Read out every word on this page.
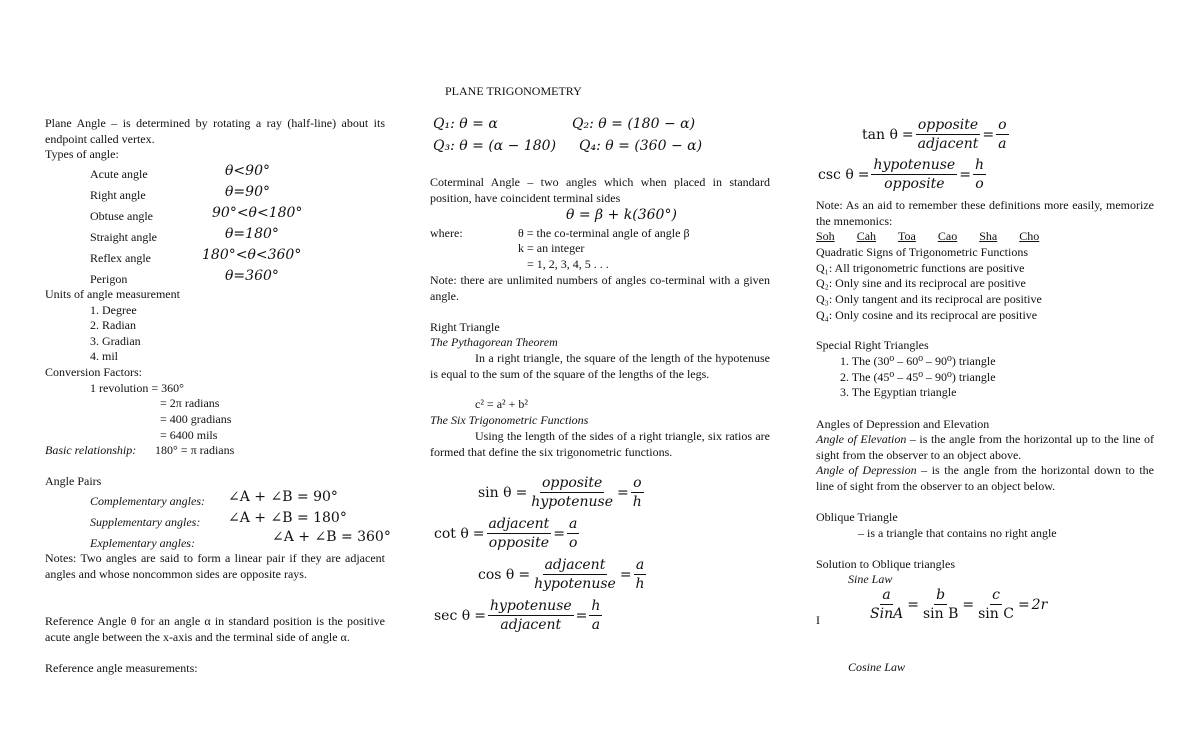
PLANE TRIGONOMETRY
Plane Angle – is determined by rotating a ray (half-line) about its endpoint called vertex.
Types of angle:
Acute angle	θ<90°
Right angle	θ=90°
Obtuse angle	90°<θ<180°
Straight angle	θ=180°
Reflex angle	180°<θ<360°
Perigon	θ=360°
Units of angle measurement
1. Degree
2. Radian
3. Gradian
4. mil
Conversion Factors:
1 revolution = 360°
= 2π radians
= 400 gradians
= 6400 mils
Basic relationship: 180° = π radians
Angle Pairs
Complementary angles: ∠A + ∠B = 90°
Supplementary angles: ∠A + ∠B = 180°
Explementary angles:	∠A + ∠B = 360°
Notes: Two angles are said to form a linear pair if they are adjacent angles and whose noncommon sides are opposite rays.
Reference Angle θ for an angle α in standard position is the positive acute angle between the x-axis and the terminal side of angle α.
Reference angle measurements:
Q₁: θ = α	Q₂: θ = (180 − α)
Q₃: θ = (α − 180) Q₄: θ = (360 − α)
Coterminal Angle – two angles which when placed in standard position, have coincident terminal sides
θ = β + k(360°)
where:	θ = the co-terminal angle of angle β
k = an integer
= 1, 2, 3, 4, 5 . . .
Note: there are unlimited numbers of angles co-terminal with a given angle.
Right Triangle
The Pythagorean Theorem
In a right triangle, the square of the length of the hypotenuse is equal to the sum of the square of the lengths of the legs.
c² = a² + b²
The Six Trigonometric Functions
Using the length of the sides of a right triangle, six ratios are formed that define the six trigonometric functions.
$\sin \theta = \frac{\text{opposite}}{\text{hypotenuse}} = \frac{o}{h}$
$\cot \theta = \frac{\text{adjacent}}{\text{opposite}} = \frac{a}{o}$
$\cos \theta = \frac{\text{adjacent}}{\text{hypotenuse}} = \frac{a}{h}$
$\sec \theta = \frac{\text{hypotenuse}}{\text{adjacent}} = \frac{h}{a}$
$\tan \theta = \frac{\text{opposite}}{\text{adjacent}} = \frac{o}{a}$
$\csc \theta = \frac{\text{hypotenuse}}{\text{opposite}} = \frac{h}{o}$
Note: As an aid to remember these definitions more easily, memorize the mnemonics:
Soh Cah Toa Cao Sha Cho
Quadratic Signs of Trigonometric Functions
Q₁: All trigonometric functions are positive
Q₂: Only sine and its reciprocal are positive
Q₃: Only tangent and its reciprocal are positive
Q₄: Only cosine and its reciprocal are positive
Special Right Triangles
1. The (30⁰ – 60⁰ – 90⁰) triangle
2. The (45⁰ – 45⁰ – 90⁰) triangle
3. The Egyptian triangle
Angles of Depression and Elevation
Angle of Elevation – is the angle from the horizontal up to the line of sight from the observer to an object above.
Angle of Depression – is the angle from the horizontal down to the line of sight from the observer to an object below.
Oblique Triangle
– is a triangle that contains no right angle
Solution to Oblique triangles
Sine Law
I	$\frac{a}{\text{SinA}} = \frac{b}{\text{sin B}} = \frac{c}{\text{sin C}} = 2r$
Cosine Law
